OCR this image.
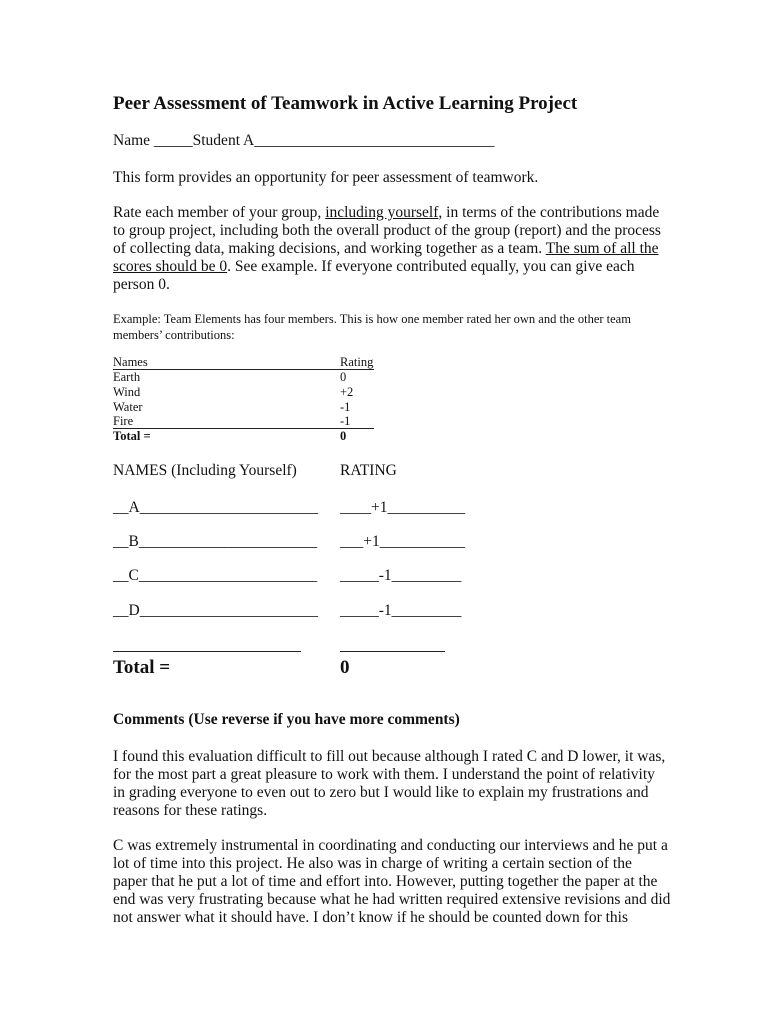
Peer Assessment of Teamwork in Active Learning Project
Name _____Student A_______________________________
This form provides an opportunity for peer assessment of teamwork.
Rate each member of your group, including yourself, in terms of the contributions made
to group project, including both the overall product of the group (report) and the process
of collecting data, making decisions, and working together as a team. The sum of all the
scores should be 0. See example. If everyone contributed equally, you can give each
person 0.
Example: Team Elements has four members. This is how one member rated her own and the other team
members’ contributions:
Names	Rating
Earth	0
Wind	+2
Water	-1
Fire	-1
Total =	0
NAMES (Including Yourself)	RATING
__A_______________________ ____+1__________
__B_______________________ ___+1___________
__C_______________________ _____-1_________
__D_______________________ _____-1_________
Total =	0
Comments (Use reverse if you have more comments)
I found this evaluation difficult to fill out because although I rated C and D lower, it was,
for the most part a great pleasure to work with them. I understand the point of relativity
in grading everyone to even out to zero but I would like to explain my frustrations and
reasons for these ratings.
C was extremely instrumental in coordinating and conducting our interviews and he put a
lot of time into this project. He also was in charge of writing a certain section of the
paper that he put a lot of time and effort into. However, putting together the paper at the
end was very frustrating because what he had written required extensive revisions and did
not answer what it should have. I don’t know if he should be counted down for this
